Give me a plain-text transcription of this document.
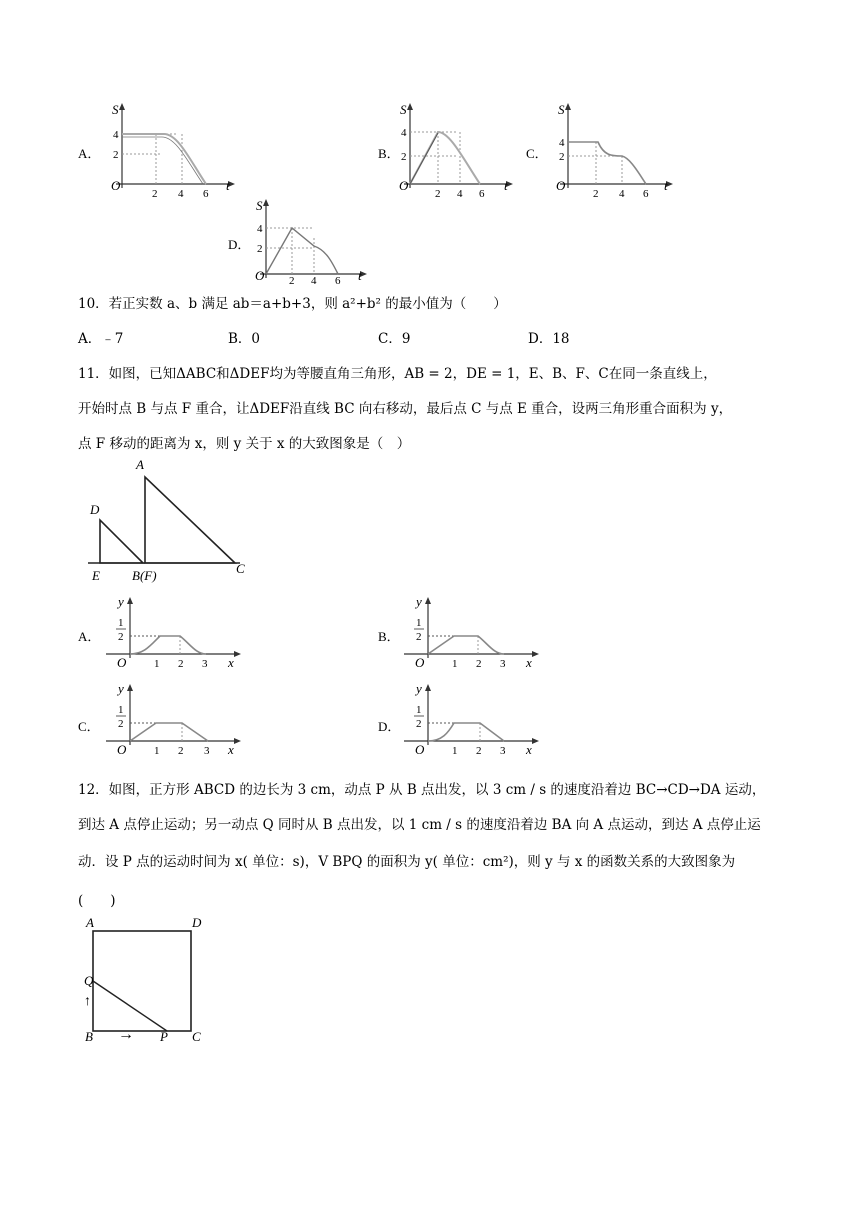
A．
S
t
O
4
2
2 4 6
B．
S
t
O
4
2
2 4 6
C．
S
t
O
4
2
2 4 6
D．
S
t
O
4
2
2 4 6
10．若正实数 a、b 满足 ab＝a+b+3，则 a²+b² 的最小值为（　　）
A．﹣7	B．0	C．9	D．18
11．如图，已知ΔABC和ΔDEF均为等腰直角三角形，AB = 2，DE = 1，E、B、F、C在同一条直线上，
开始时点 B 与点 F 重合，让ΔDEF沿直线 BC 向右移动，最后点 C 与点 E 重合，设两三角形重合面积为 y，
点 F 移动的距离为 x，则 y 关于 x 的大致图象是（　）
A
D
E B(F)	C
A．
y
1
2
O	1 2 3 x
B．
y
1
2
O	1 2 3 x
C．
y
1
2
O	1 2 3 x
D．
y
1
2
O	1 2 3 x
12．如图，正方形 ABCD 的边长为 3 cm，动点 P 从 B 点出发，以 3 cm / s 的速度沿着边 BC→CD→DA 运动，
到达 A 点停止运动；另一动点 Q 同时从 B 点出发，以 1 cm / s 的速度沿着边 BA 向 A 点运动，到达 A 点停止运
动．设 P 点的运动时间为 x( 单位：s)，V BPQ 的面积为 y( 单位：cm²)，则 y 与 x 的函数关系的大致图象为
(　　)
A	D
Q
↑
B → P C
